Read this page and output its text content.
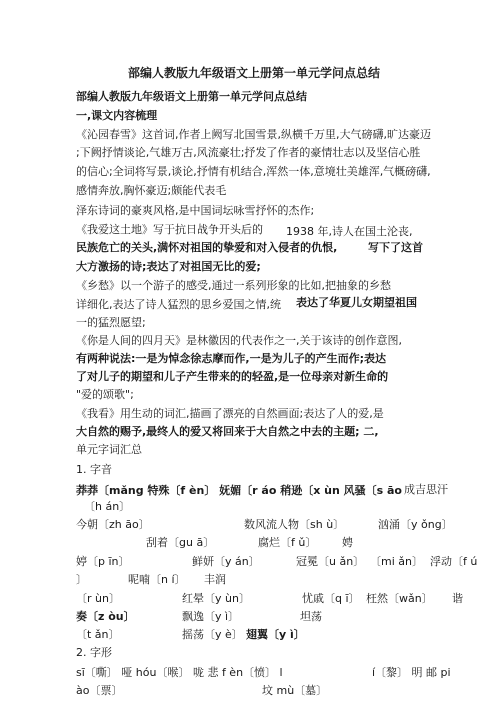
部编人教版九年级语文上册第一单元学问点总结
部编人教版九年级语文上册第一单元学问点总结
一,课文内容梳理
《沁园春雪》这首词,作者上阙写北国雪景,纵横千万里,大气磅礴,旷达豪迈
;下阙抒情谈论,气雄万古,风流豪壮;抒发了作者的豪情壮志以及坚信心胜
的信心;全词将写景,谈论,抒情有机结合,浑然一体,意境壮美雄浑,气概磅礴,
感情奔放,胸怀豪迈;颇能代表毛
泽东诗词的豪爽风格,是中国词坛咏雪抒怀的杰作;
《我爱这土地》写于抗日战争开头后的 1938 年,诗人在国土沦丧,
民族危亡的关头,满怀对祖国的挚爱和对入侵者的仇恨,	写下了这首
大方激扬的诗;表达了对祖国无比的爱;
《乡愁》以一个游子的感受,通过一系列形象的比如,把抽象的乡愁
详细化,表达了诗人猛烈的思乡爱国之情,统 表达了华夏儿女期望祖国
一的猛烈愿望;
《你是人间的四月天》是林徽因的代表作之一,关于该诗的创作意图,
有两种说法:一是为悼念徐志摩而作,一是为儿子的产生而作;表达
了对儿子的期望和儿子产生带来的的轻盈,是一位母亲对新生命的
"爱的颂歌";
《我看》用生动的词汇,描画了漂亮的自然画面;表达了人的爱,是
大自然的赐予,最终人的爱又将回来于大自然之中去的主题; 二,
单元字词汇总
1. 字音
莽莽〔mǎng 特殊〔f èn〕 妩媚〔r áo 稍逊〔x ùn 风骚〔s āo 成吉思汗
〔h án〕
今朝〔zh āo〕	数风流人物〔sh ù〕	汹涌〔y ǒng〕
刮着〔gu ā〕	腐烂〔f ǔ〕 娉
婷〔p īn〕	鲜妍〔y án〕	冠冕〔u ǎn〕 〔mi ǎn〕 浮动〔f ú
〕	呢喃〔n í〕 丰润
〔r ùn〕	红晕〔y ùn〕	忧戚〔q ī〕 枉然〔wǎn〕 谐
奏〔z òu〕	飘逸〔y ì〕	坦荡
〔t ǎn〕	摇荡〔y è〕 翅翼〔y ì〕
2. 字形
sī〔嘶〕 哑 hóu〔喉〕 咙 悲 f èn〔愤〕 l	í〔黎〕 明 邮 pi
ào〔票〕	坟 mù〔墓〕
